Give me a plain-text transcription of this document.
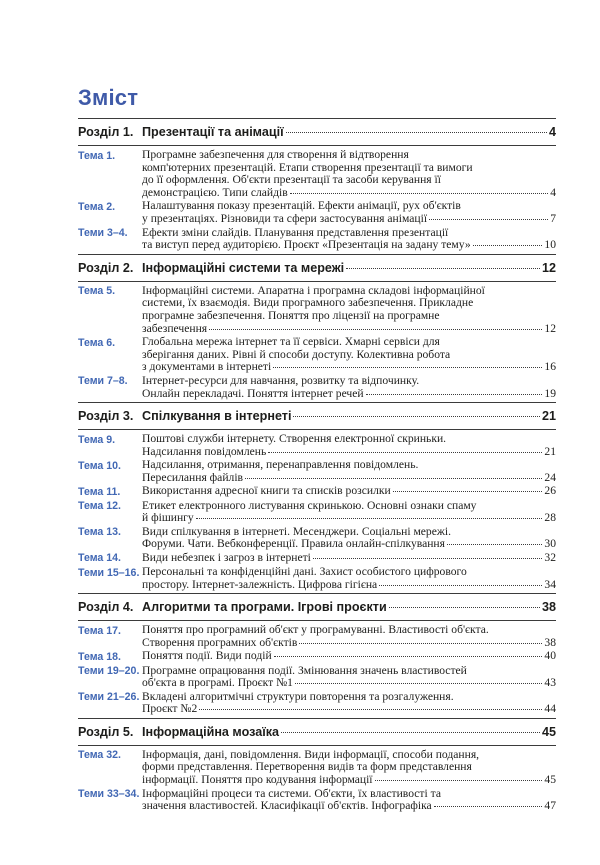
Зміст
Розділ 1. Презентації та анімації	4
Тема 1.	Програмне забезпечення для створення й відтворення
комп'ютерних презентацій. Етапи створення презентації та вимоги
до її оформлення. Об'єкти презентації та засоби керування її
демонстрацією. Типи слайдів	4
Тема 2.	Налаштування показу презентацій. Ефекти анімації, рух об'єктів
у презентаціях. Різновиди та сфери застосування анімації	7
Теми 3–4.	Ефекти зміни слайдів. Планування представлення презентації
та виступ перед аудиторією. Проєкт «Презентація на задану тему»	10
Розділ 2. Інформаційні системи та мережі	12
Тема 5.	Інформаційні системи. Апаратна і програмна складові інформаційної
системи, їх взаємодія. Види програмного забезпечення. Прикладне
програмне забезпечення. Поняття про ліцензії на програмне
забезпечення	12
Тема 6.	Глобальна мережа інтернет та її сервіси. Хмарні сервіси для
зберігання даних. Рівні й способи доступу. Колективна робота
з документами в інтернеті	16
Теми 7–8.	Інтернет-ресурси для навчання, розвитку та відпочинку.
Онлайн перекладачі. Поняття інтернет речей	19
Розділ 3. Спілкування в інтернеті	21
Тема 9.	Поштові служби інтернету. Створення електронної скриньки.
Надсилання повідомлень	21
Тема 10.	Надсилання, отримання, перенаправлення повідомлень.
Пересилання файлів	24
Тема 11.	Використання адресної книги та списків розсилки	26
Тема 12.	Етикет електронного листування скринькою. Основні ознаки спаму
й фішингу	28
Тема 13.	Види спілкування в інтернеті. Месенджери. Соціальні мережі.
Форуми. Чати. Вебконференції. Правила онлайн-спілкування	30
Тема 14.	Види небезпек і загроз в інтернеті	32
Теми 15–16. Персональні та конфіденційні дані. Захист особистого цифрового
простору. Інтернет-залежність. Цифрова гігієна	34
Розділ 4. Алгоритми та програми. Ігрові проєкти	38
Тема 17.	Поняття про програмний об'єкт у програмуванні. Властивості об'єкта.
Створення програмних об'єктів	38
Тема 18.	Поняття події. Види подій	40
Теми 19–20. Програмне опрацювання події. Змінювання значень властивостей
об'єкта в програмі. Проєкт №1	43
Теми 21–26. Вкладені алгоритмічні структури повторення та розгалуження.
Проєкт №2	44
Розділ 5. Інформаційна мозаїка	45
Тема 32.	Інформація, дані, повідомлення. Види інформації, способи подання,
форми представлення. Перетворення видів та форм представлення
інформації. Поняття про кодування інформації	45
Теми 33–34. Інформаційні процеси та системи. Об'єкти, їх властивості та
значення властивостей. Класифікації об'єктів. Інфографіка	47
